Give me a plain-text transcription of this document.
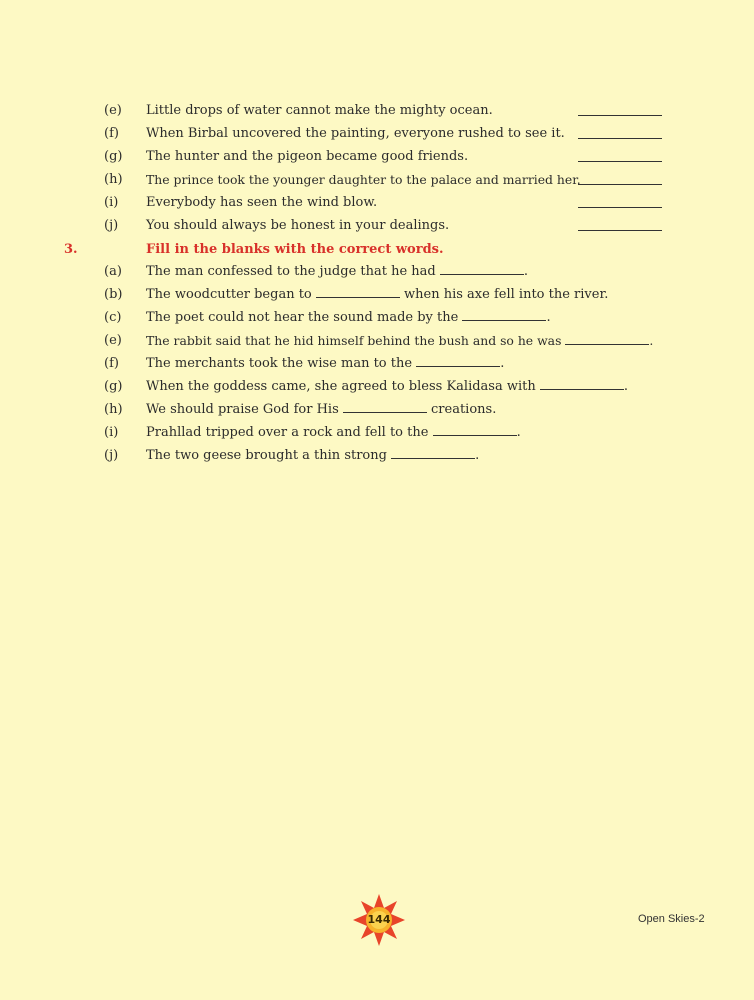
(e)	Little drops of water cannot make the mighty ocean.
(f)	When Birbal uncovered the painting, everyone rushed to see it.
(g)	The hunter and the pigeon became good friends.
(h)	The prince took the younger daughter to the palace and married her.
(i)	Everybody has seen the wind blow.
(j)	You should always be honest in your dealings.
3.	Fill in the blanks with the correct words.
(a)	The man confessed to the judge that he had	.
(b)	The woodcutter began to	when his axe fell into the river.
(c)	The poet could not hear the sound made by the	.
(e)	The rabbit said that he hid himself behind the bush and so he was	.
(f)	The merchants took the wise man to the	.
(g)	When the goddess came, she agreed to bless Kalidasa with	.
(h)	We should praise God for His	creations.
(i)	Prahllad tripped over a rock and fell to the	.
(j)	The two geese brought a thin strong	.
144	Open Skies-2
